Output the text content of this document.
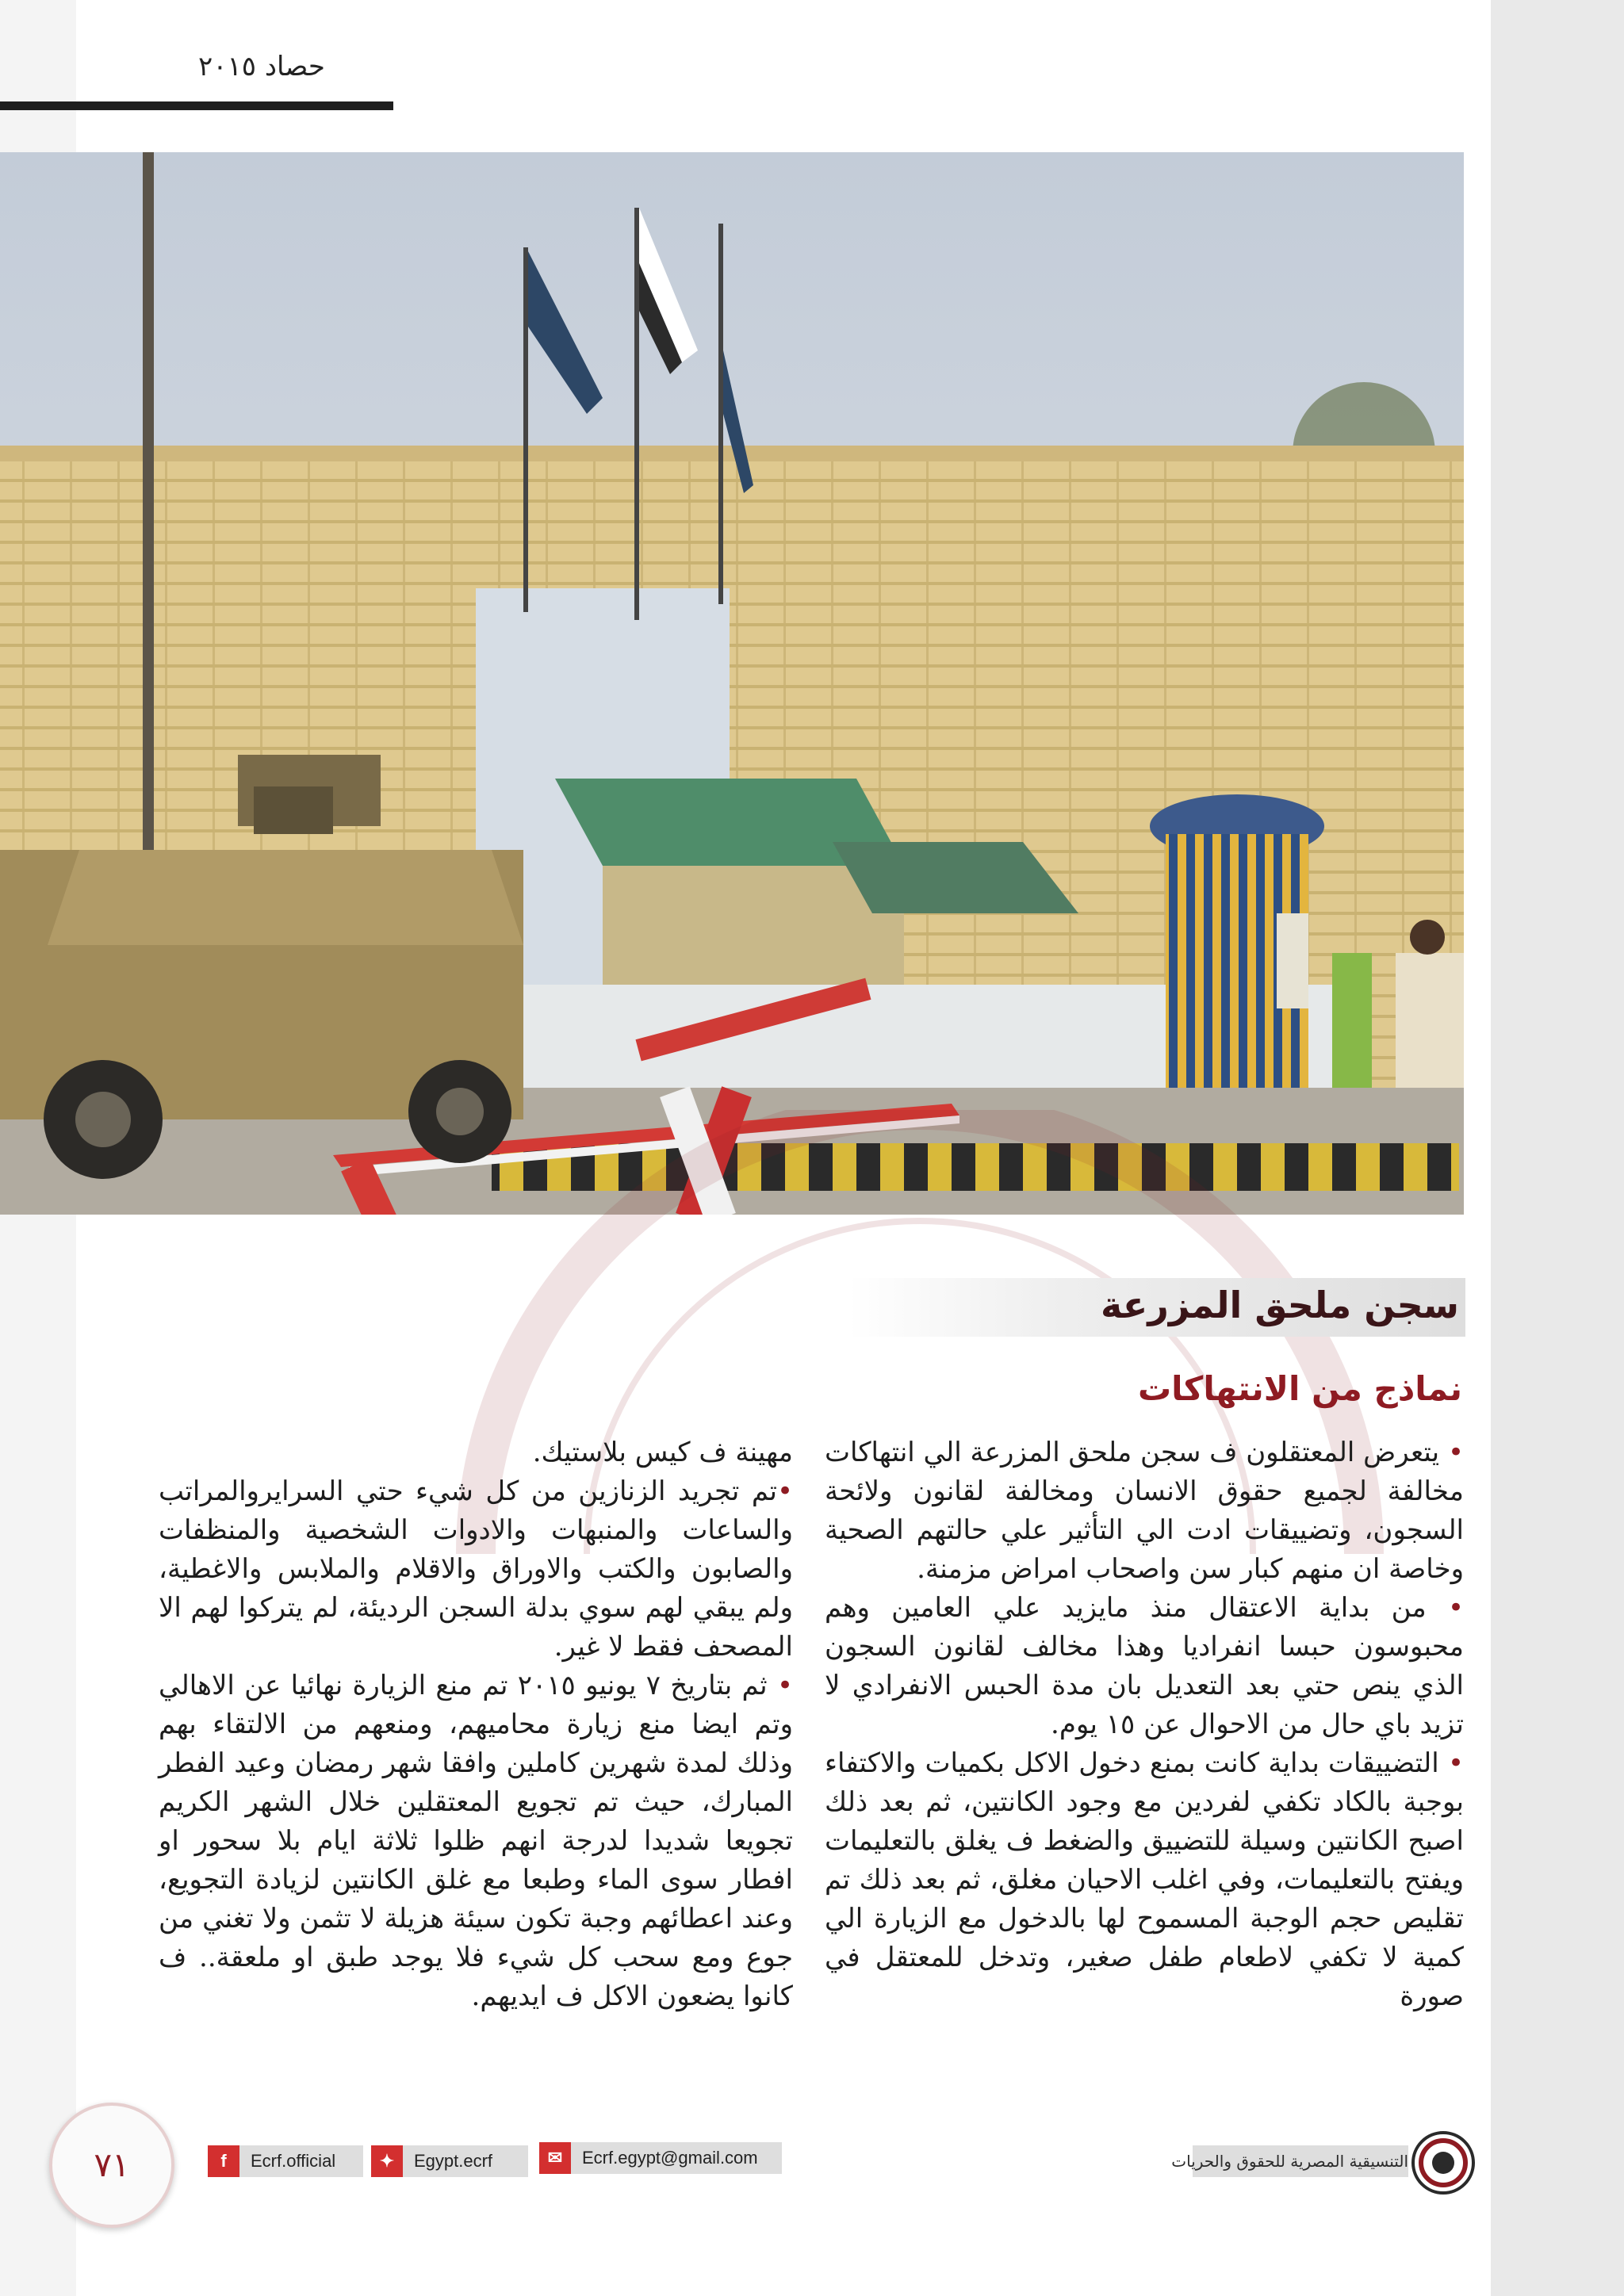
حصاد ٢٠١٥
سجن ملحق المزرعة
نماذج من الانتهاكات

• يتعرض المعتقلون ف سجن ملحق المزرعة الي انتهاكات مخالفة لجميع حقوق الانسان ومخالفة لقانون ولائحة السجون، وتضييقات ادت الي التأثير علي حالتهم الصحية وخاصة ان منهم كبار سن واصحاب امراض مزمنة.

• من بداية الاعتقال منذ مايزيد علي العامين وهم محبوسون حبسا انفراديا وهذا مخالف لقانون السجون الذي ينص حتي بعد التعديل بان مدة الحبس الانفرادي لا تزيد باي حال من الاحوال عن ١٥ يوم.

• التضييقات بداية كانت بمنع دخول الاكل بكميات والاكتفاء بوجبة بالكاد تكفي لفردين مع وجود الكانتين، ثم بعد ذلك اصبح الكانتين وسيلة للتضييق والضغط ف يغلق بالتعليمات ويفتح بالتعليمات، وفي اغلب الاحيان مغلق، ثم بعد ذلك تم تقليص حجم الوجبة المسموح لها بالدخول مع الزيارة الي كمية لا تكفي لاطعام طفل صغير، وتدخل للمعتقل في صورة

مهينة ف كيس بلاستيك.

•تم تجريد الزنازين من كل شيء حتي السرايروالمراتب والساعات والمنبهات والادوات الشخصية والمنظفات والصابون والكتب والاوراق والاقلام والملابس والاغطية، ولم يبقي لهم سوي بدلة السجن الرديئة، لم يتركوا لهم الا المصحف فقط لا غير.

• ثم بتاريخ ٧ يونيو ٢٠١٥ تم منع الزيارة نهائيا عن الاهالي وتم ايضا منع زيارة محاميهم، ومنعهم من الالتقاء بهم وذلك لمدة شهرين كاملين وافقا شهر رمضان وعيد الفطر المبارك، حيث تم تجويع المعتقلين خلال الشهر الكريم تجويعا شديدا لدرجة انهم ظلوا ثلاثة ايام بلا سحور او افطار سوى الماء وطبعا مع غلق الكانتين لزيادة التجويع، وعند اعطائهم وجبة تكون سيئة هزيلة لا تثمن ولا تغني من جوع ومع سحب كل شيء فلا يوجد طبق او ملعقة.. ف كانوا يضعون الاكل ف ايديهم.

٧١	f	Ecrf.official	✦	Egypt.ecrf	✉	Ecrf.egypt@gmail.com	التنسيقية المصرية للحقوق والحريات
